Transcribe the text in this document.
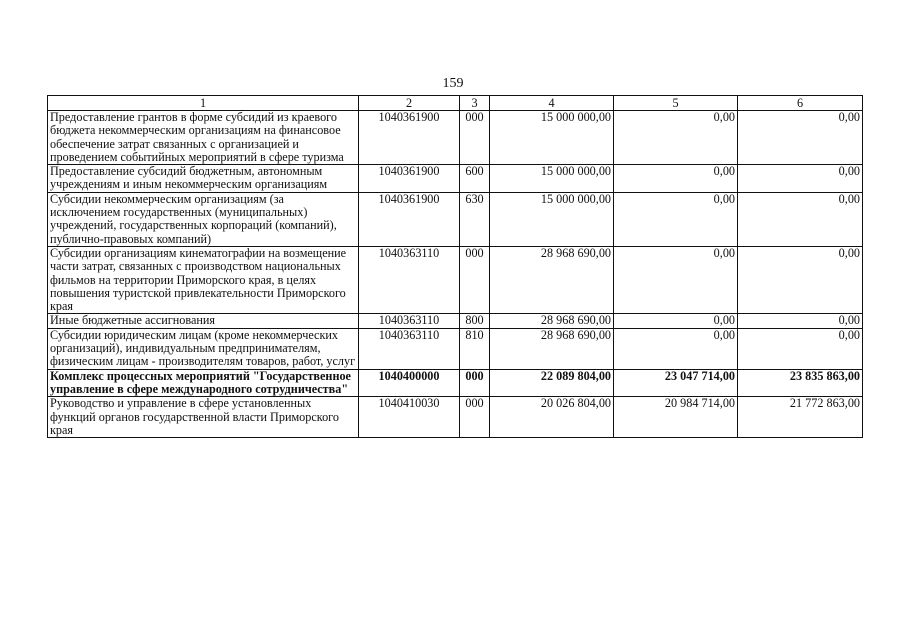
159
1	2	3	4	5	6
Предоставление грантов в форме субсидий из краевого бюджета некоммерческим организациям на финансовое обеспечение затрат связанных с организацией и проведением событийных мероприятий в сфере туризма	1040361900	000	15 000 000,00	0,00	0,00
Предоставление субсидий бюджетным, автономным учреждениям и иным некоммерческим организациям	1040361900	600	15 000 000,00	0,00	0,00
Субсидии некоммерческим организациям (за исключением государственных (муниципальных) учреждений, государственных корпораций (компаний), публично-правовых компаний)	1040361900	630	15 000 000,00	0,00	0,00
Субсидии организациям кинематографии на возмещение части затрат, связанных с производством национальных фильмов на территории Приморского края, в целях повышения туристской привлекательности Приморского края	1040363110	000	28 968 690,00	0,00	0,00
Иные бюджетные ассигнования	1040363110	800	28 968 690,00	0,00	0,00
Субсидии юридическим лицам (кроме некоммерческих организаций), индивидуальным предпринимателям, физическим лицам - производителям товаров, работ, услуг	1040363110	810	28 968 690,00	0,00	0,00
Комплекс процессных мероприятий "Государственное управление в сфере международного сотрудничества"	1040400000	000	22 089 804,00	23 047 714,00	23 835 863,00
Руководство и управление в сфере установленных функций органов государственной власти Приморского края	1040410030	000	20 026 804,00	20 984 714,00	21 772 863,00
